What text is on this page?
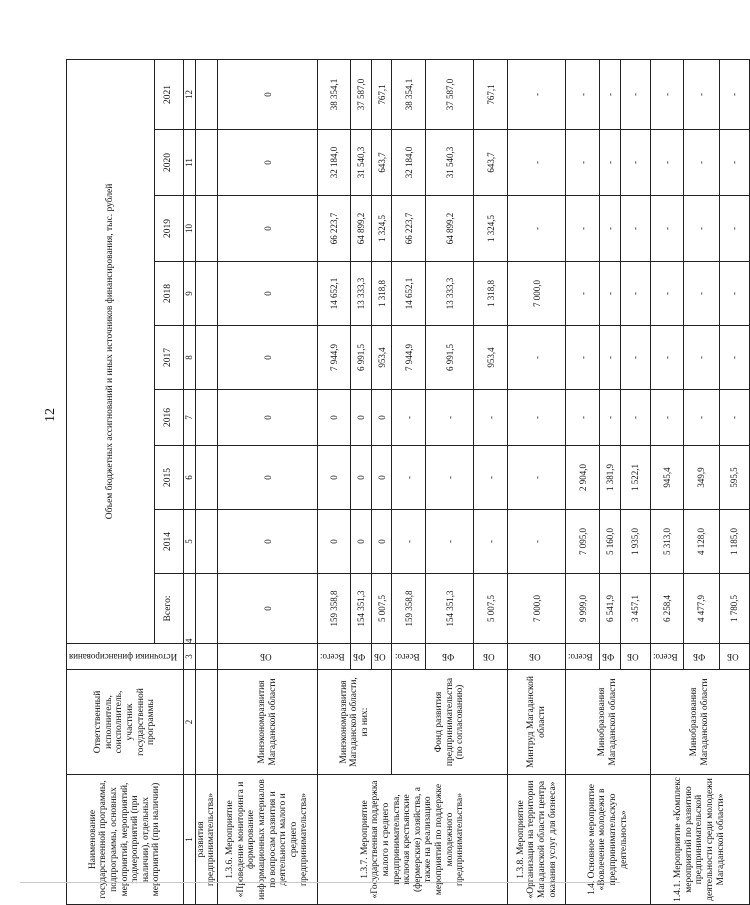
12
Наименование государственной программы, подпрограммы, основных мероприятий, мероприятий, подмероприятий (при наличии), отдельных мероприятий (при наличии)	Ответственный исполнитель, соисполнитель, участник государственной программы	Источники финансирования	Объем бюджетных ассигнований и иных источников финансирования, тыс. рублей								
			Всего:	2014	2015	2016	2017	2018	2019	2020	2021
1	2	3	4	5	6	7	8	9	10	11	12
развития предпринимательства»											
1.3.6. Мероприятие «Проведение мониторинга и формирование информационных материалов по вопросам развития и деятельности малого и среднего предпринимательства»	Минэкономразвития Магаданской области	ОБ	0	0	0	0	0	0	0	0	0
1.3.7. Мероприятие «Государственная поддержка малого и среднего предпринимательства, включая крестьянские (фермерские) хозяйства, а также на реализацию мероприятий по поддержке молодежного предпринимательства»	Минэкономразвития Магаданской области, из них:	Всего:	159 358,8	0	0	0	7 944,9	14 652,1	66 223,7	32 184,0	38 354,1
		ФБ	154 351,3	0	0	0	6 991,5	13 333,3	64 899,2	31 540,3	37 587,0
		ОБ	5 007,5	0	0	0	953,4	1 318,8	1 324,5	643,7	767,1
	Фонд развития предпринимательства (по согласованию)	Всего:	159 358,8	-	-	-	7 944,9	14 652,1	66 223,7	32 184,0	38 354,1
		ФБ	154 351,3	-	-	-	6 991,5	13 333,3	64 899,2	31 540,3	37 587,0
		ОБ	5 007,5	-	-	-	953,4	1 318,8	1 324,5	643,7	767,1
1.3.8. Мероприятие «Организация на территории Магаданской области центра оказания услуг для бизнеса»	Минтруд Магаданской области	ОБ	7 000,0	-	-	-	-	7 000,0	-	-	-
1.4. Основное мероприятие «Вовлечение молодежи в предпринимательскую деятельность»	Минобразования Магаданской области	Всего:	9 999,0	7 095,0	2 904,0	-	-	-	-	-	-
		ФБ	6 541,9	5 160,0	1 381,9	-	-	-	-	-	-
		ОБ	3 457,1	1 935,0	1 522,1	-	-	-	-	-	-
1.4.1. Мероприятие «Комплекс мероприятий по развитию предпринимательской деятельности среди молодежи Магаданской области»	Минобразования Магаданской области	Всего:	6 258,4	5 313,0	945,4	-	-	-	-	-	-
		ФБ	4 477,9	4 128,0	349,9	-	-	-	-	-	-
		ОБ	1 780,5	1 185,0	595,5	-	-	-	-	-	-
